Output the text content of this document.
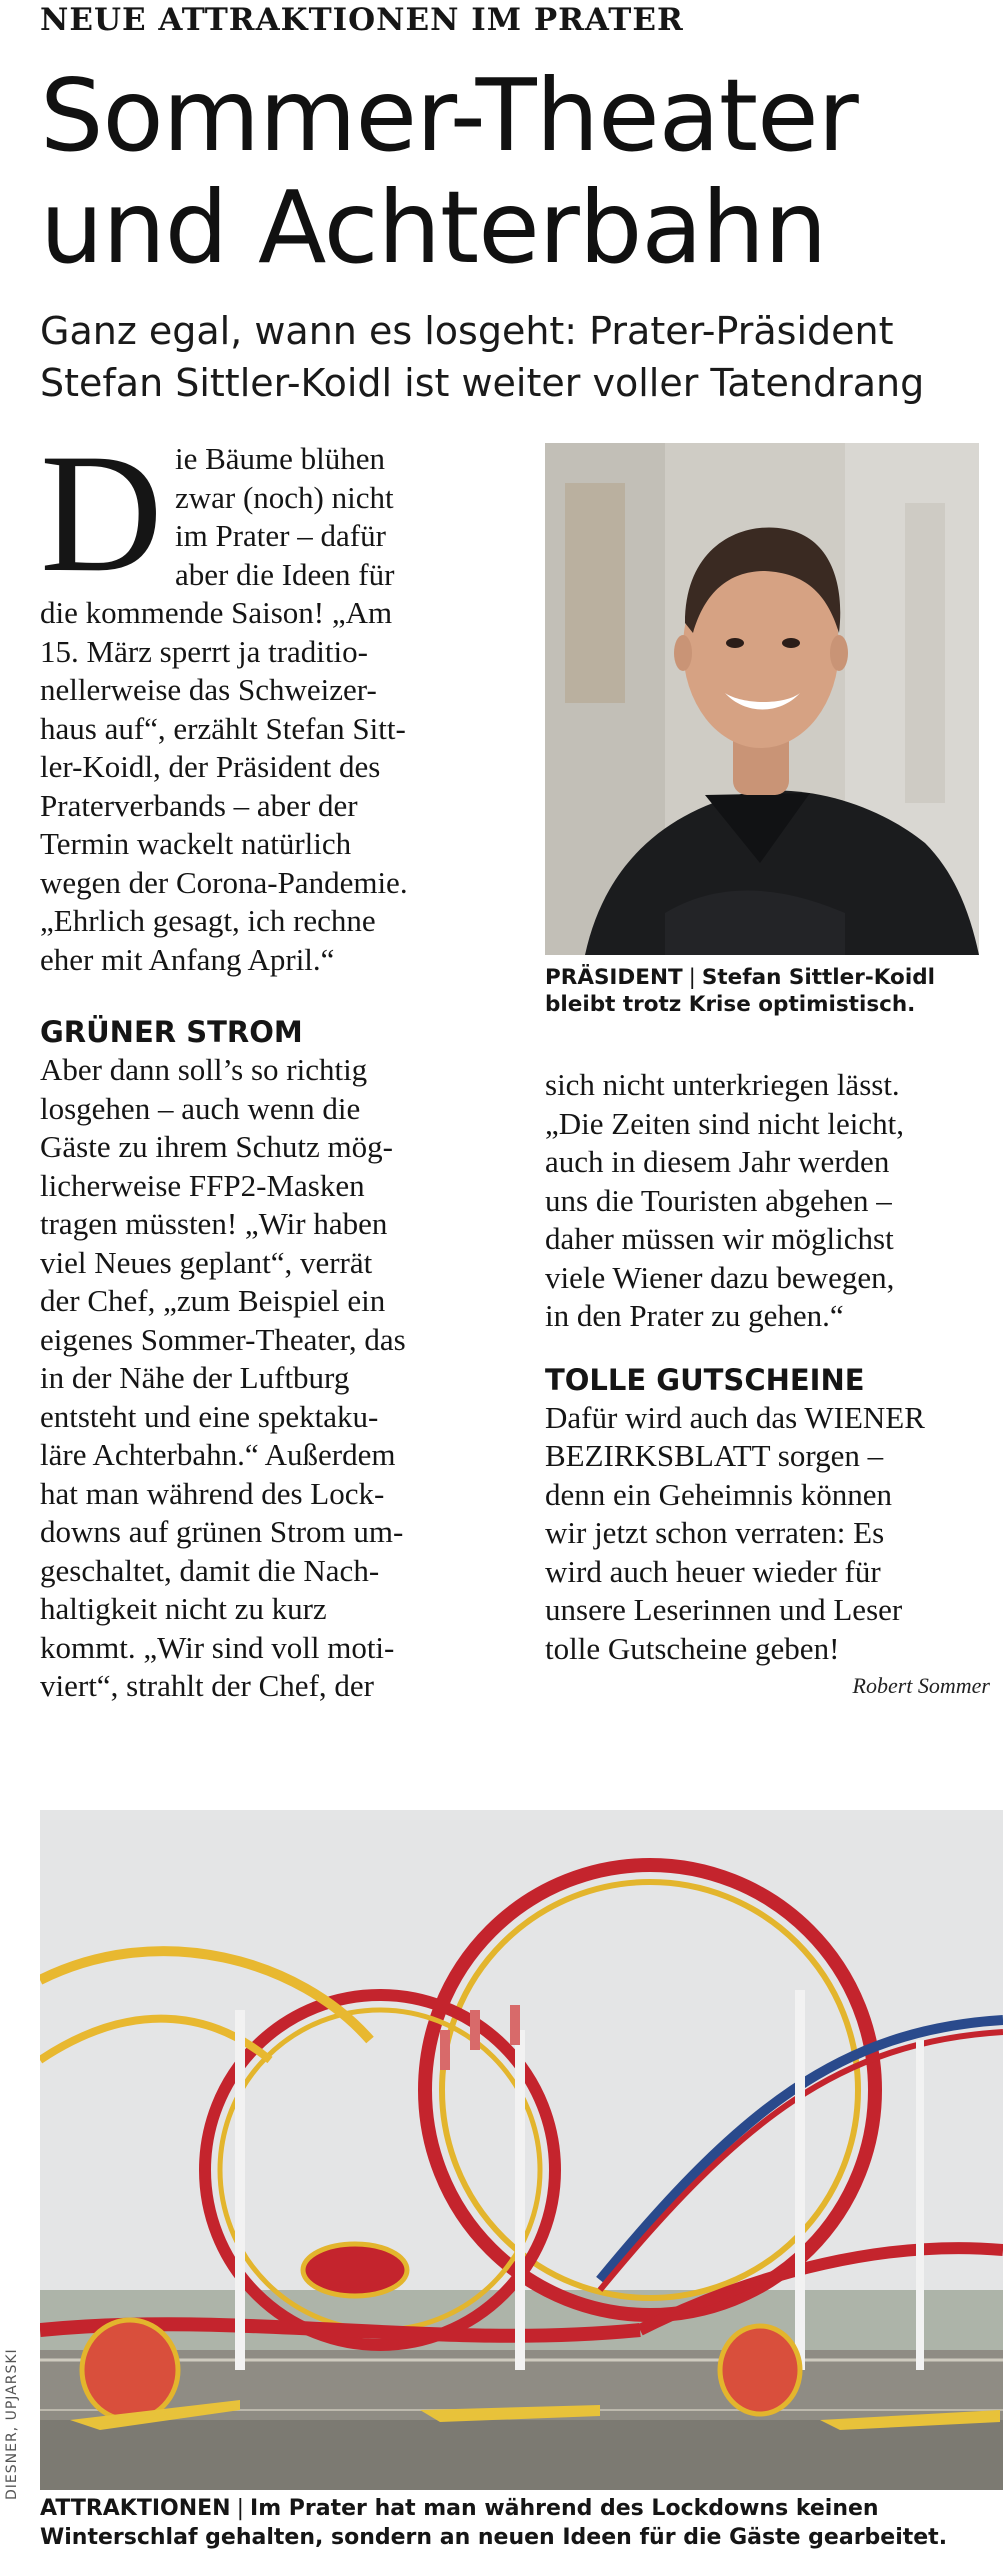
NEUE ATTRAKTIONEN IM PRATER
Sommer-Theater
und Achterbahn
Ganz egal, wann es losgeht: Prater-Präsident
Stefan Sittler-Koidl ist weiter voller Tatendrang
D ie Bäume blühen
zwar (noch) nicht
im Prater – dafür
aber die Ideen für
die kommende Saison! „Am
15. März sperrt ja traditio-
nellerweise das Schweizer-
haus auf“, erzählt Stefan Sitt-
ler-Koidl, der Präsident des
Praterverbands – aber der
Termin wackelt natürlich
wegen der Corona-Pandemie.
„Ehrlich gesagt, ich rechne
eher mit Anfang April.“
GRÜNER STROM
Aber dann soll’s so richtig
losgehen – auch wenn die
Gäste zu ihrem Schutz mög-
licherweise FFP2-Masken
tragen müssten! „Wir haben
viel Neues geplant“, verrät
der Chef, „zum Beispiel ein
eigenes Sommer-Theater, das
in der Nähe der Luftburg
entsteht und eine spektaku-
läre Achterbahn.“ Außerdem
hat man während des Lock-
downs auf grünen Strom um-
geschaltet, damit die Nach-
haltigkeit nicht zu kurz
kommt. „Wir sind voll moti-
viert“, strahlt der Chef, der
PRÄSIDENT | Stefan Sittler-Koidl
bleibt trotz Krise optimistisch.
sich nicht unterkriegen lässt.
„Die Zeiten sind nicht leicht,
auch in diesem Jahr werden
uns die Touristen abgehen –
daher müssen wir möglichst
viele Wiener dazu bewegen,
in den Prater zu gehen.“
TOLLE GUTSCHEINE
Dafür wird auch das WIENER
BEZIRKSBLATT sorgen –
denn ein Geheimnis können
wir jetzt schon verraten: Es
wird auch heuer wieder für
unsere Leserinnen und Leser
tolle Gutscheine geben!
Robert Sommer
DIESNER, UPJARSKI
ATTRAKTIONEN | Im Prater hat man während des Lockdowns keinen
Winterschlaf gehalten, sondern an neuen Ideen für die Gäste gearbeitet.
